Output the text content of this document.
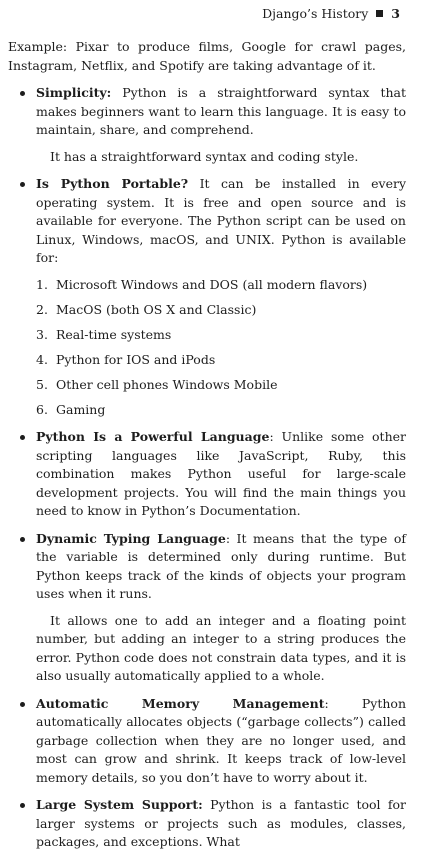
Django’s History 3

Example: Pixar to produce films, Google for crawl pages, Instagram, Netflix, and Spotify are taking advantage of it.

Simplicity: Python is a straightforward syntax that makes beginners want to learn this language. It is easy to maintain, share, and comprehend.

It has a straightforward syntax and coding style.

Is Python Portable? It can be installed in every operating system. It is free and open source and is available for everyone. The Python script can be used on Linux, Windows, macOS, and UNIX. Python is available for:

1. Microsoft Windows and DOS (all modern flavors)
2. MacOS (both OS X and Classic)
3. Real-time systems
4. Python for IOS and iPods
5. Other cell phones Windows Mobile
6. Gaming

Python Is a Powerful Language: Unlike some other scripting languages like JavaScript, Ruby, this combination makes Python useful for large-scale development projects. You will find the main things you need to know in Python’s Documentation.

Dynamic Typing Language: It means that the type of the variable is determined only during runtime. But Python keeps track of the kinds of objects your program uses when it runs.

It allows one to add an integer and a floating point number, but adding an integer to a string produces the error. Python code does not constrain data types, and it is also usually automatically applied to a whole.

Automatic Memory Management: Python automatically allocates objects (“garbage collects”) called garbage collection when they are no longer used, and most can grow and shrink. It keeps track of low-level memory details, so you don’t have to worry about it.

Large System Support: Python is a fantastic tool for larger systems or projects such as modules, classes, packages, and exceptions. What
